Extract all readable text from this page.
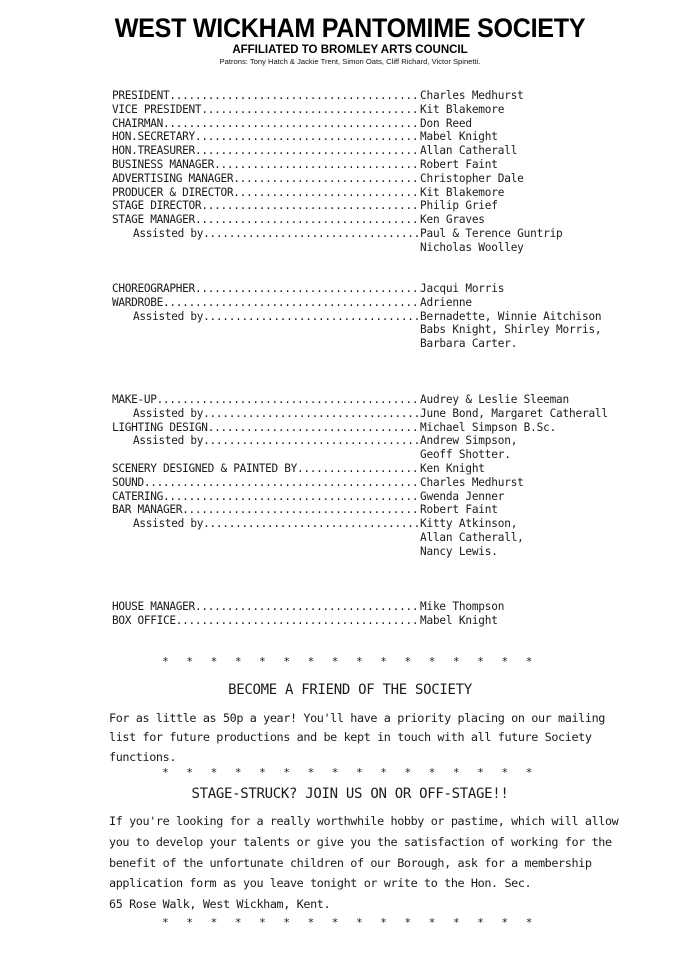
WEST WICKHAM PANTOMIME SOCIETY
AFFILIATED TO BROMLEY ARTS COUNCIL
Patrons: Tony Hatch & Jackie Trent, Simon Oats, Cliff Richard, Victor Spinetti.
PRESIDENT .....	Charles Medhurst
VICE PRESIDENT .....	Kit Blakemore
CHAIRMAN .....	Don Reed
HON.SECRETARY .....	Mabel Knight
HON.TREASURER .....	Allan Catherall
BUSINESS MANAGER .....	Robert Faint
ADVERTISING MANAGER .....	Christopher Dale
PRODUCER & DIRECTOR .....	Kit Blakemore
STAGE DIRECTOR .....	Philip Grief
STAGE MANAGER .....	Ken Graves
Assisted by .....	Paul & Terence Guntrip
Nicholas Woolley
CHOREOGRAPHER .....	Jacqui Morris
WARDROBE .....	Adrienne
Assisted by .....	Bernadette, Winnie Aitchison
Babs Knight, Shirley Morris,
Barbara Carter.
MAKE-UP .....	Audrey & Leslie Sleeman
Assisted by .....	June Bond, Margaret Catherall
LIGHTING DESIGN .....	Michael Simpson B.Sc.
Assisted by .....	Andrew Simpson,
Geoff Shotter.
SCENERY DESIGNED & PAINTED BY .....	Ken Knight
SOUND .....	Charles Medhurst
CATERING .....	Gwenda Jenner
BAR MANAGER .....	Robert Faint
Assisted by .....	Kitty Atkinson,
Allan Catherall,
Nancy Lewis.
HOUSE MANAGER .....	Mike Thompson
BOX OFFICE .....	Mabel Knight
* * * * * * * * * * * * * * * *
BECOME A FRIEND OF THE SOCIETY
For as little as 50p a year! You'll have a priority placing on our mailing
list for future productions and be kept in touch with all future Society
functions.
* * * * * * * * * * * * * * * *
STAGE-STRUCK? JOIN US ON OR OFF-STAGE!!
If you're looking for a really worthwhile hobby or pastime, which will allow
you to develop your talents or give you the satisfaction of working for the
benefit of the unfortunate children of our Borough, ask for a membership
application form as you leave tonight or write to the Hon. Sec.
65 Rose Walk, West Wickham, Kent.
* * * * * * * * * * * * * * * *
